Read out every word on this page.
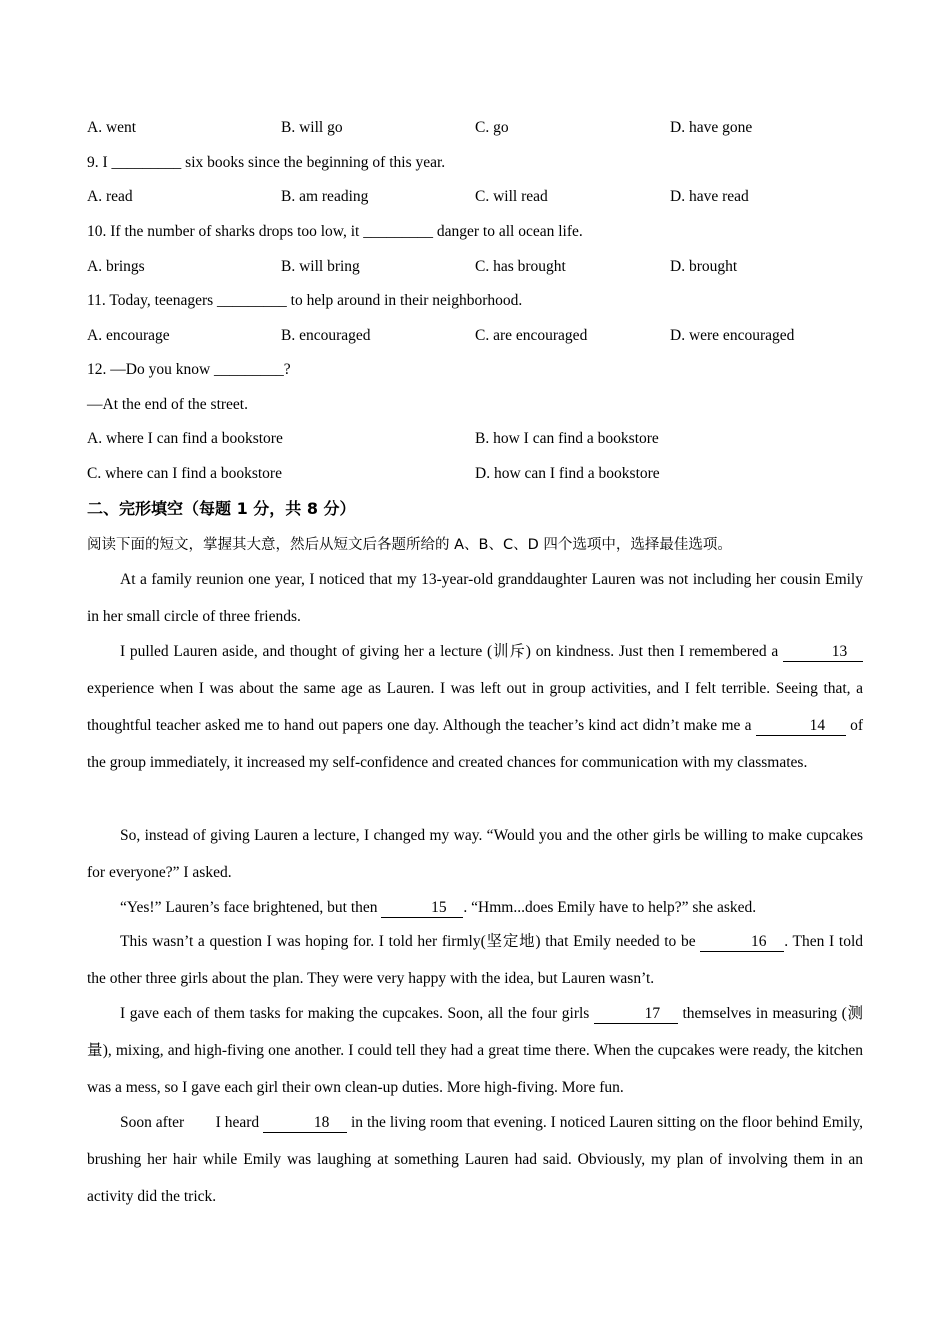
A. went	B. will go	C. go	D. have gone
9. I _________ six books since the beginning of this year.
A. read	B. am reading	C. will read	D. have read
10. If the number of sharks drops too low, it _________ danger to all ocean life.
A. brings	B. will bring	C. has brought	D. brought
11. Today, teenagers _________ to help around in their neighborhood.
A. encourage	B. encouraged	C. are encouraged	D. were encouraged
12. —Do you know _________?
—At the end of the street.
A. where I can find a bookstore	B. how I can find a bookstore
C. where can I find a bookstore	D. how can I find a bookstore
二、完形填空（每题 1 分，共 8 分）
阅读下面的短文，掌握其大意，然后从短文后各题所给的 A、B、C、D 四个选项中，选择最佳选项。
At a family reunion one year, I noticed that my 13-year-old granddaughter Lauren was not including her cousin Emily in her small circle of three friends.
I pulled Lauren aside, and thought of giving her a lecture (训斥) on kindness. Just then I remembered a	13 experience when I was about the same age as Lauren. I was left out in group activities, and I felt terrible. Seeing that, a thoughtful teacher asked me to hand out papers one day. Although the teacher’s kind act didn’t make me a	14 of the group immediately, it increased my self-confidence and created chances for communication with my classmates.
So, instead of giving Lauren a lecture, I changed my way. “Would you and the other girls be willing to make cupcakes for everyone?” I asked.
“Yes!” Lauren’s face brightened, but then	15 . “Hmm...does Emily have to help?” she asked.
This wasn’t a question I was hoping for. I told her firmly(坚定地) that Emily needed to be	16 . Then I told the other three girls about the plan. They were very happy with the idea, but Lauren wasn’t.
I gave each of them tasks for making the cupcakes. Soon, all the four girls	17 themselves in measuring (测量), mixing, and high-fiving one another. I could tell they had a great time there. When the cupcakes were ready, the kitchen was a mess, so I gave each girl their own clean-up duties. More high-fiving. More fun.
Soon after        I heard	18 in the living room that evening. I noticed Lauren sitting on the floor behind Emily, brushing her hair while Emily was laughing at something Lauren had said. Obviously, my plan of involving them in an activity did the trick.
